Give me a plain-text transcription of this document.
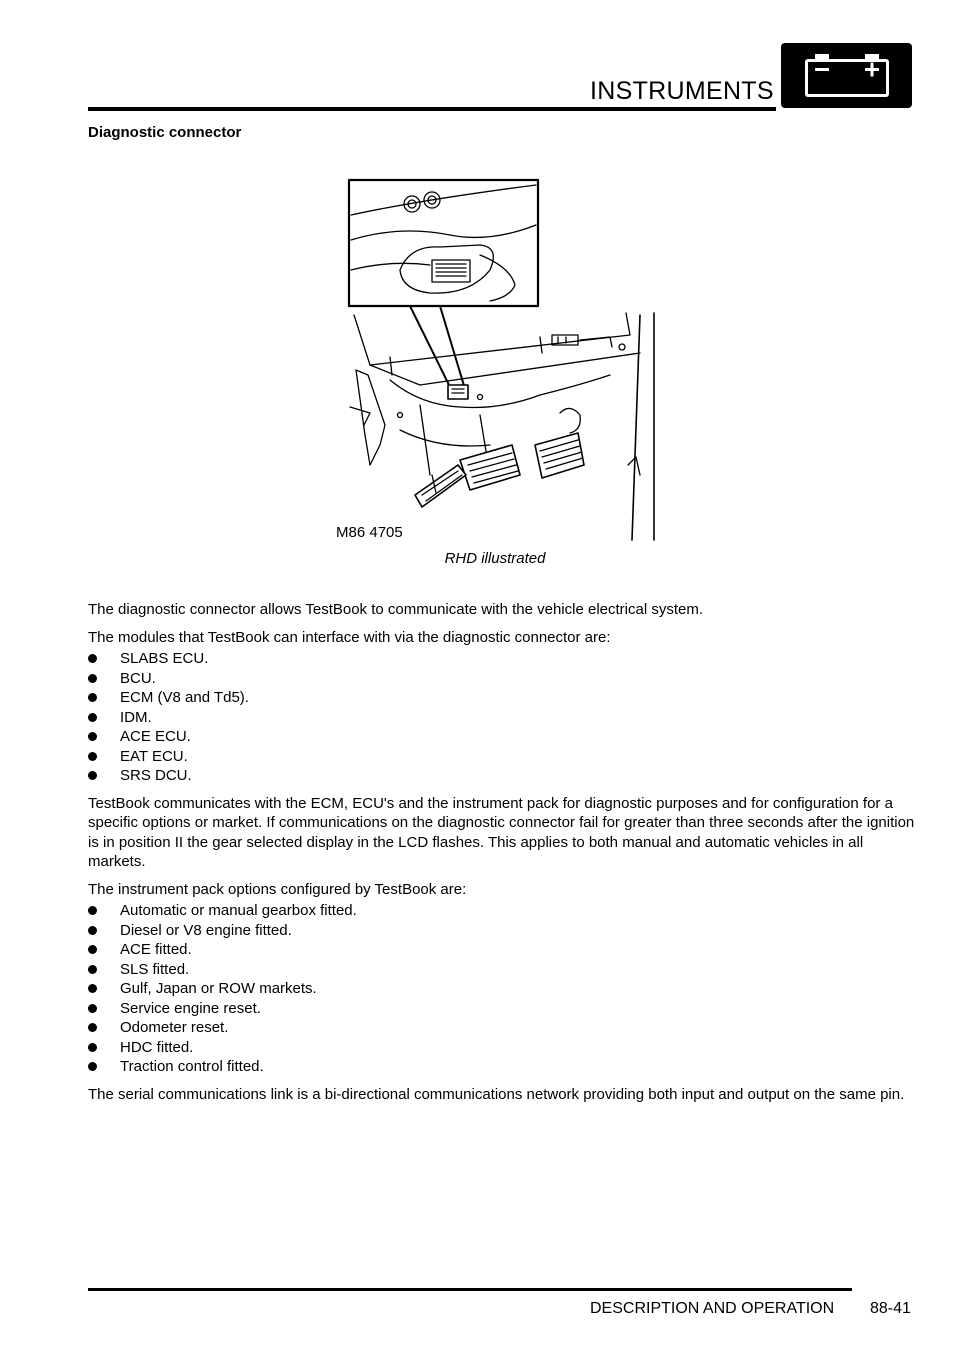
INSTRUMENTS
Diagnostic connector
M86 4705
RHD illustrated

The diagnostic connector allows TestBook to communicate with the vehicle electrical system.

The modules that TestBook can interface with via the diagnostic connector are:

SLABS ECU.
BCU.
ECM (V8 and Td5).
IDM.
ACE ECU.
EAT ECU.
SRS DCU.

TestBook communicates with the ECM, ECU's and the instrument pack for diagnostic purposes and for configuration for a specific options or market. If communications on the diagnostic connector fail for greater than three seconds after the ignition is in position II the gear selected display in the LCD flashes. This applies to both manual and automatic vehicles in all markets.

The instrument pack options configured by TestBook are:

Automatic or manual gearbox fitted.
Diesel or V8 engine fitted.
ACE fitted.
SLS fitted.
Gulf, Japan or ROW markets.
Service engine reset.
Odometer reset.
HDC fitted.
Traction control fitted.

The serial communications link is a bi-directional communications network providing both input and output on the same pin.

DESCRIPTION AND OPERATION 88-41
